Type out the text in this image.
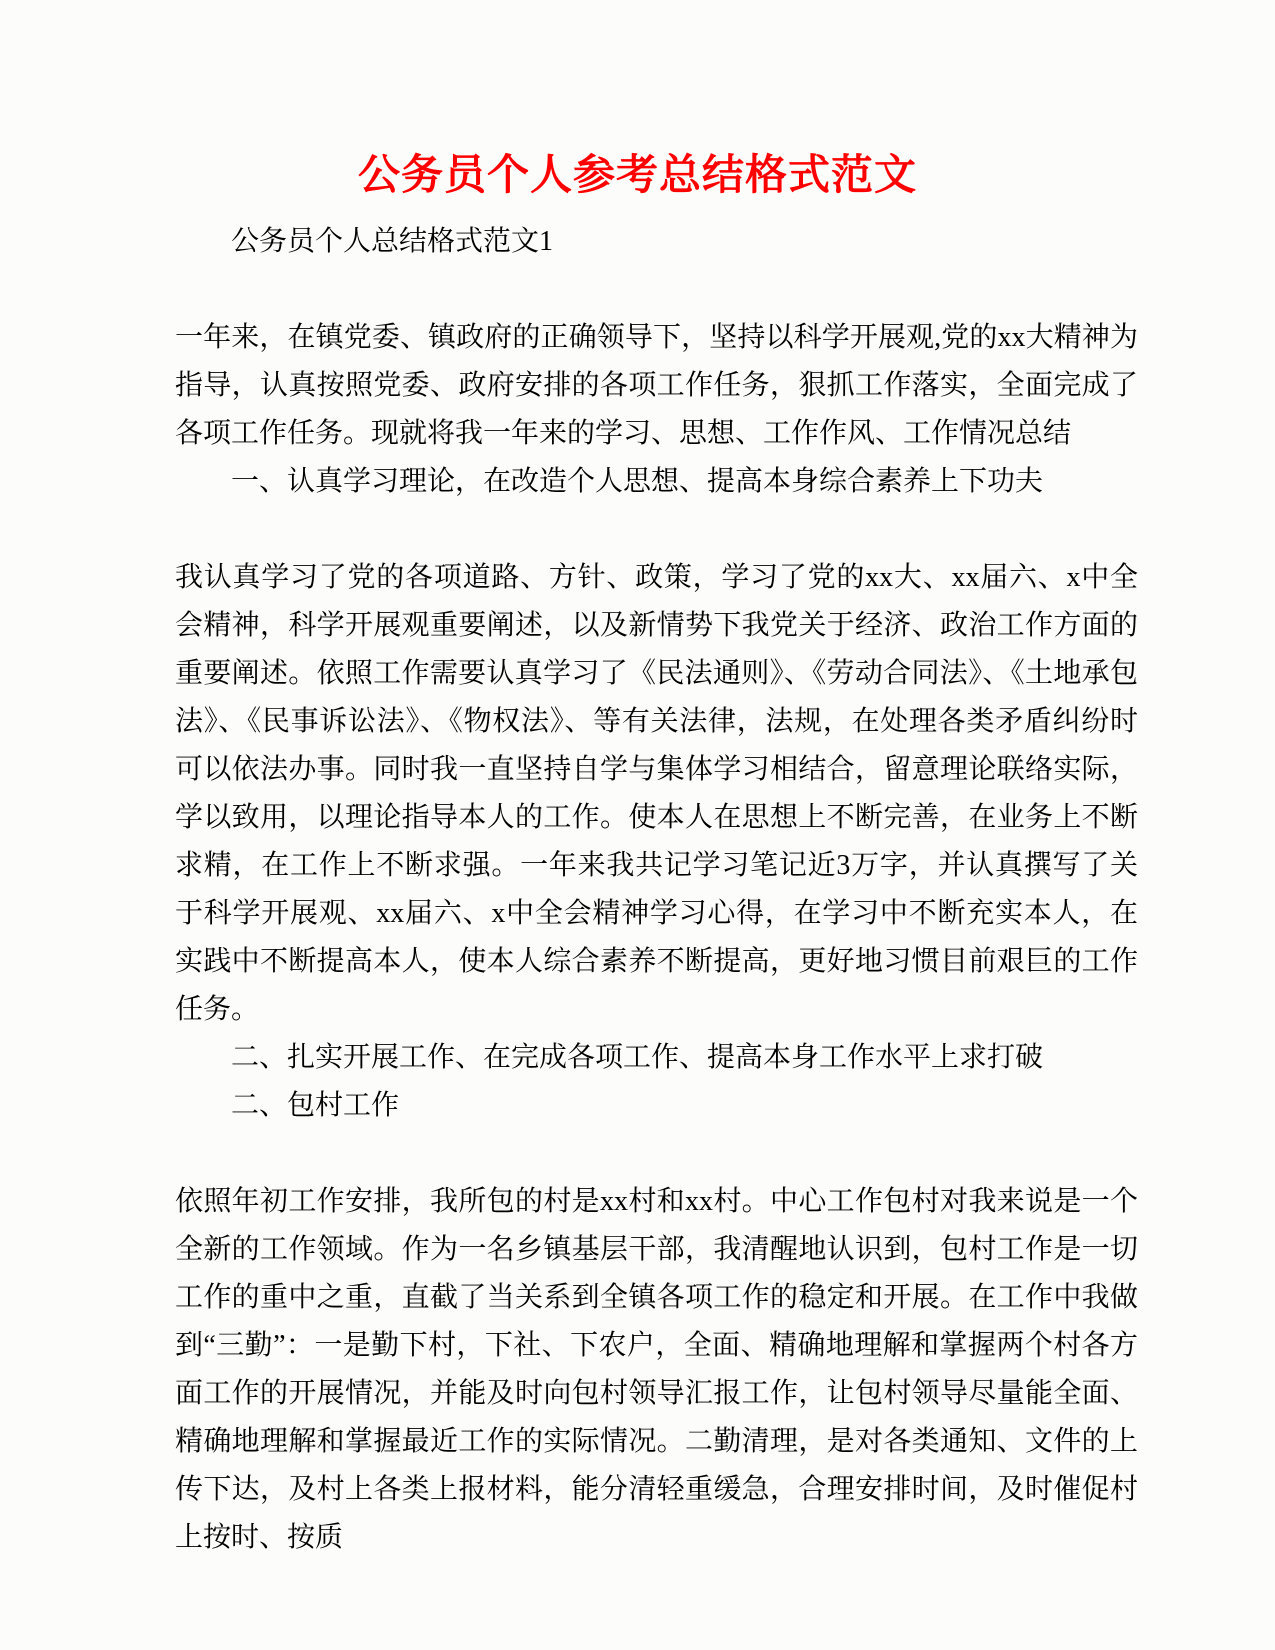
公务员个人参考总结格式范文

公务员个人总结格式范文1

一年来，在镇党委、镇政府的正确领导下，坚持以科学开展观,党的xx大精神为指导，认真按照党委、政府安排的各项工作任务，狠抓工作落实，全面完成了各项工作任务。现就将我一年来的学习、思想、工作作风、工作情况总结

一、认真学习理论，在改造个人思想、提高本身综合素养上下功夫

我认真学习了党的各项道路、方针、政策，学习了党的xx大、xx届六、x中全会精神，科学开展观重要阐述，以及新情势下我党关于经济、政治工作方面的重要阐述。依照工作需要认真学习了《民法通则》、《劳动合同法》、《土地承包法》、《民事诉讼法》、《物权法》、等有关法律，法规，在处理各类矛盾纠纷时可以依法办事。同时我一直坚持自学与集体学习相结合，留意理论联络实际，学以致用，以理论指导本人的工作。使本人在思想上不断完善，在业务上不断求精，在工作上不断求强。一年来我共记学习笔记近3万字，并认真撰写了关于科学开展观、xx届六、x中全会精神学习心得，在学习中不断充实本人，在实践中不断提高本人，使本人综合素养不断提高，更好地习惯目前艰巨的工作任务。

二、扎实开展工作、在完成各项工作、提高本身工作水平上求打破

二、包村工作

依照年初工作安排，我所包的村是xx村和xx村。中心工作包村对我来说是一个全新的工作领域。作为一名乡镇基层干部，我清醒地认识到，包村工作是一切工作的重中之重，直截了当关系到全镇各项工作的稳定和开展。在工作中我做到“三勤”：一是勤下村，下社、下农户，全面、精确地理解和掌握两个村各方面工作的开展情况，并能及时向包村领导汇报工作，让包村领导尽量能全面、精确地理解和掌握最近工作的实际情况。二勤清理，是对各类通知、文件的上传下达，及村上各类上报材料，能分清轻重缓急，合理安排时间，及时催促村上按时、按质
